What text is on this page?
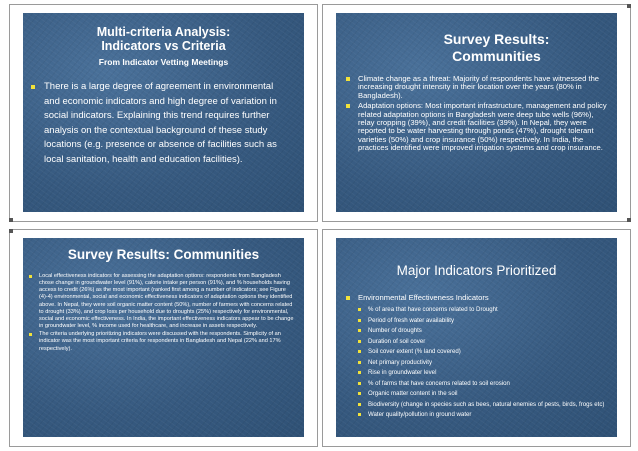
Multi-criteria Analysis:
Indicators vs Criteria
From Indicator Vetting Meetings
There is a large degree of agreement in environmental and economic indicators and high degree of variation in social indicators. Explaining this trend requires further analysis on the contextual background of these study locations (e.g. presence or absence of facilities such as local sanitation, health and education facilities).
Survey Results:
Communities
Climate change as a threat: Majority of respondents have witnessed the increasing drought intensity in their location over the years (80% in Bangladesh).
Adaptation options: Most important infrastructure, management and policy related adaptation options in Bangladesh were deep tube wells (96%), relay cropping (39%), and credit facilities (39%). In Nepal, they were reported to be water harvesting through ponds (47%), drought tolerant varieties (50%) and crop insurance (50%) respectively. In India, the practices identified were improved irrigation systems and crop insurance.
Survey Results: Communities
Local effectiveness indicators for assessing the adaptation options: respondents from Bangladesh chose change in groundwater level (91%), calorie intake per person (91%), and % households having access to credit (26%) as the most important (ranked first among a number of indicators; see Figure (4)-4) environmental, social and economic effectiveness indicators of adaptation options they identified above. In Nepal, they were soil organic matter content (50%), number of farmers with concerns related to drought (33%), and crop loss per household due to droughts (25%) respectively for environmental, social and economic effectiveness. In India, the important effectiveness indicators appear to be change in groundwater level, % income used for healthcare, and increase in assets respectively.
The criteria underlying prioritizing indicators were discussed with the respondents. Simplicity of an indicator was the most important criteria for respondents in Bangladesh and Nepal (22% and 17% respectively).
Major Indicators Prioritized
Environmental Effectiveness Indicators
% of area that have concerns related to Drought
Period of fresh water availability
Number of droughts
Duration of soil cover
Soil cover extent (% land covered)
Net primary productivity
Rise in groundwater level
% of farms that have concerns related to soil erosion
Organic matter content in the soil
Biodiversity (change in species such as bees, natural enemies of pests, birds, frogs etc)
Water quality/pollution in ground water
